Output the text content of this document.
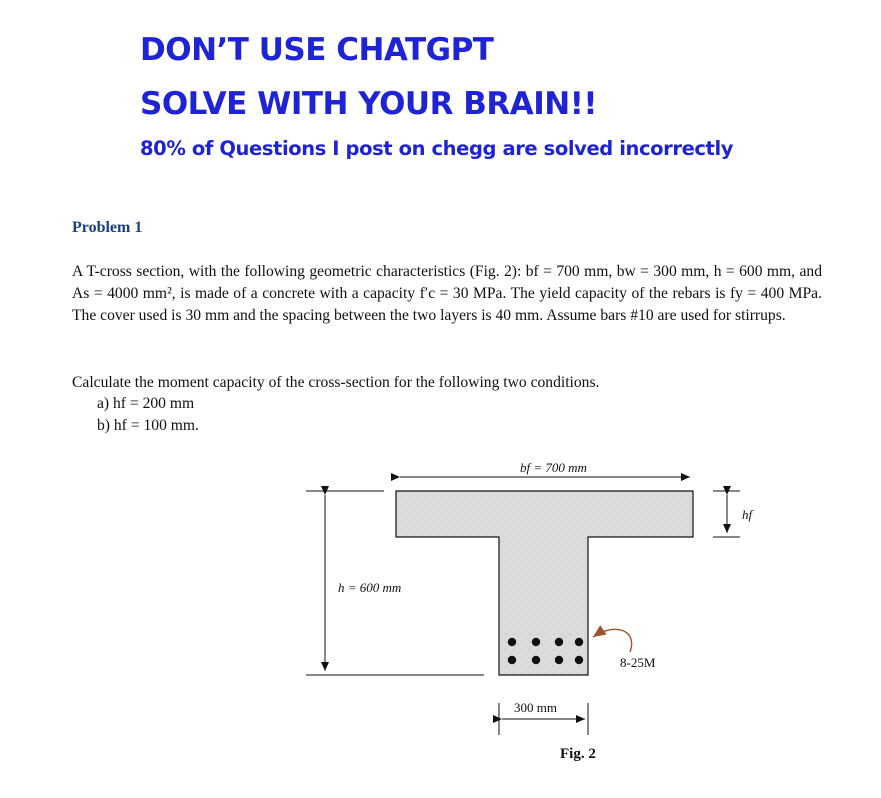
DON’T USE CHATGPT
SOLVE WITH YOUR BRAIN!!
80% of Questions I post on chegg are solved incorrectly
Problem 1

A T-cross section, with the following geometric characteristics (Fig. 2): bf = 700 mm, bw = 300 mm, h = 600 mm, and As = 4000 mm², is made of a concrete with a capacity f′c = 30 MPa. The yield capacity of the rebars is fy = 400 MPa. The cover used is 30 mm and the spacing between the two layers is 40 mm. Assume bars #10 are used for stirrups.

Calculate the moment capacity of the cross-section for the following two conditions.
a) hf = 200 mm
b) hf = 100 mm.
bf = 700 mm
h = 600 mm
hf
300 mm
8-25M
Fig. 2
